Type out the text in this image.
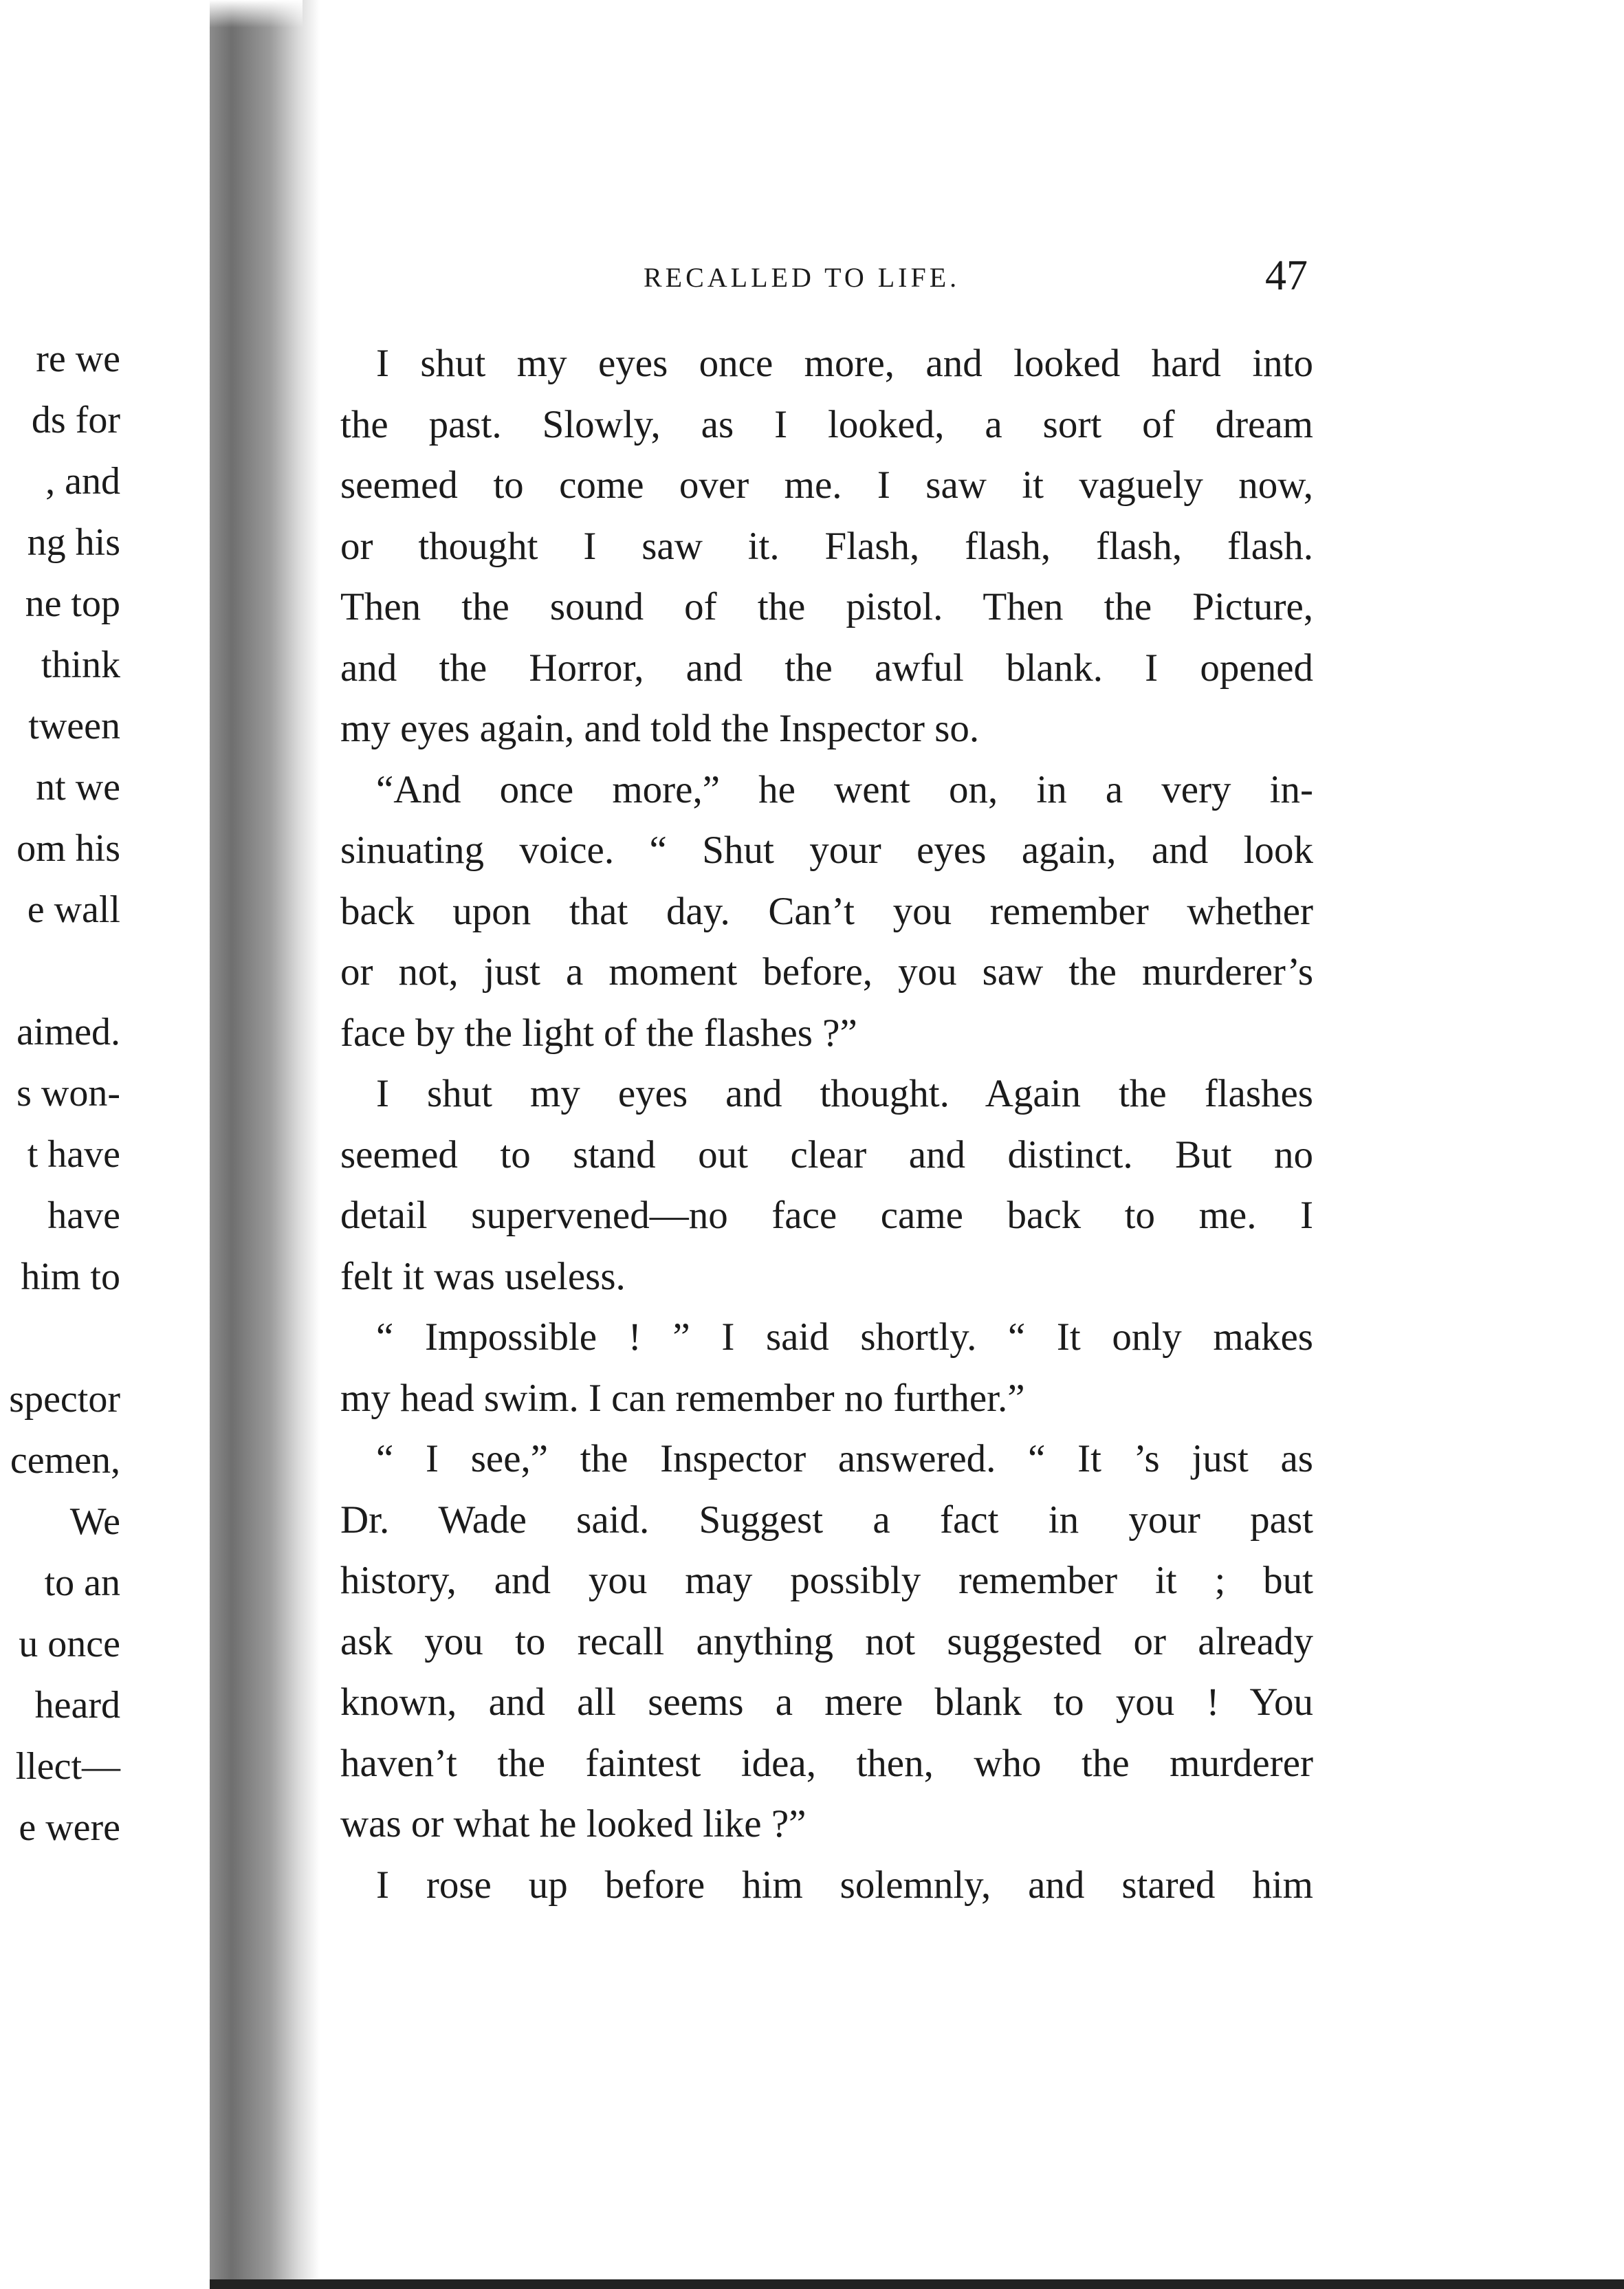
re we
ds for
, and
ng his
ne top
think
tween
nt we
om his
e wall
aimed.
s won-
t have
have
him to
spector
cemen,
We
to an
u once
heard
llect—
e were
RECALLED TO LIFE.	47
I shut my eyes once more, and looked hard into
the past. Slowly, as I looked, a sort of dream
seemed to come over me. I saw it vaguely now,
or thought I saw it. Flash, flash, flash, flash.
Then the sound of the pistol. Then the Picture,
and the Horror, and the awful blank. I opened
my eyes again, and told the Inspector so.
“And once more,” he went on, in a very in-
sinuating voice. “ Shut your eyes again, and look
back upon that day. Can’t you remember whether
or not, just a moment before, you saw the murderer’s
face by the light of the flashes ?”
I shut my eyes and thought. Again the flashes
seemed to stand out clear and distinct. But no
detail supervened—no face came back to me. I
felt it was useless.
“ Impossible ! ” I said shortly. “ It only makes
my head swim. I can remember no further.”
“ I see,” the Inspector answered. “ It ’s just as
Dr. Wade said. Suggest a fact in your past
history, and you may possibly remember it ; but
ask you to recall anything not suggested or already
known, and all seems a mere blank to you ! You
haven’t the faintest idea, then, who the murderer
was or what he looked like ?”
I rose up before him solemnly, and stared him
